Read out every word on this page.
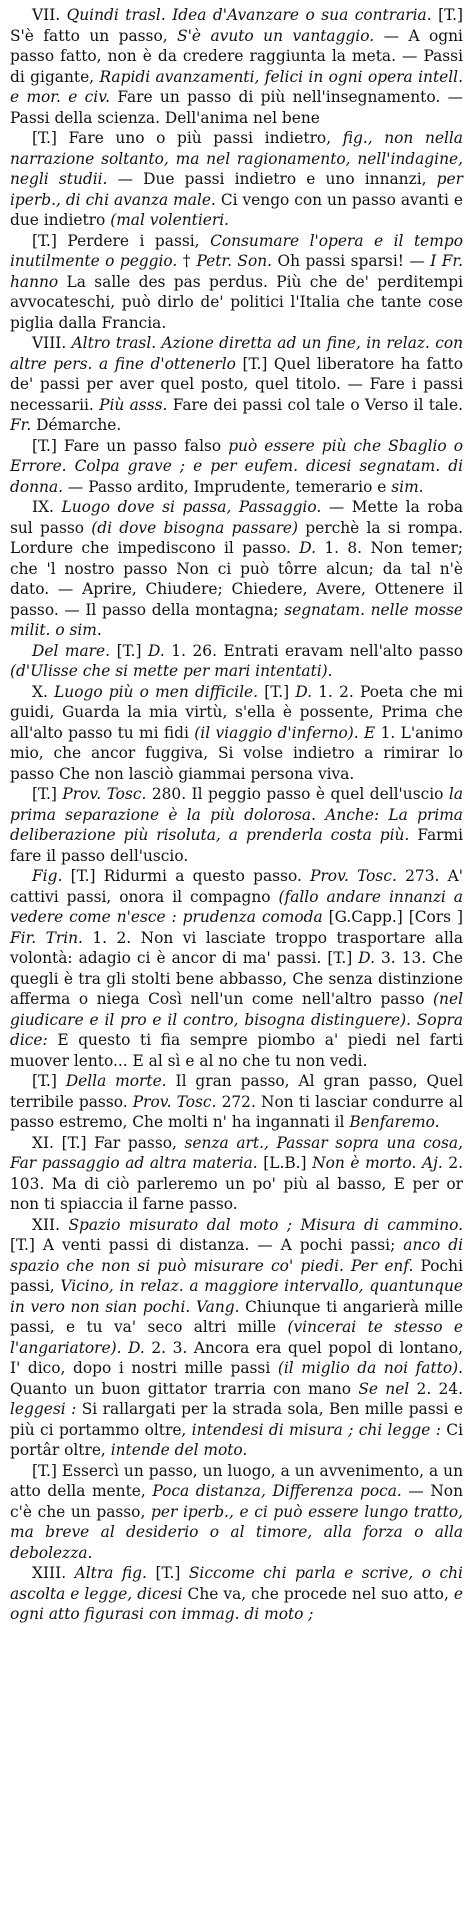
VII. Quindi trasl. Idea d'Avanzare o sua contraria. [T.] S'è fatto un passo, S'è avuto un vantaggio. — A ogni passo fatto, non è da credere raggiunta la meta. — Passi di gigante, Rapidi avanzamenti, felici in ogni opera intell. e mor. e civ. Fare un passo di più nell'insegnamento. — Passi della scienza. Dell'anima nel bene

[T.] Fare uno o più passi indietro, fig., non nella narrazione soltanto, ma nel ragionamento, nell'indagine, negli studii. — Due passi indietro e uno innanzi, per iperb., di chi avanza male. Ci vengo con un passo avanti e due indietro (mal volentieri.

[T.] Perdere i passi, Consumare l'opera e il tempo inutilmente o peggio. † Petr. Son. Oh passi sparsi! — I Fr. hanno La salle des pas perdus. Più che de' perditempi avvocateschi, può dirlo de' politici l'Italia che tante cose piglia dalla Francia.

VIII. Altro trasl. Azione diretta ad un fine, in relaz. con altre pers. a fine d'ottenerlo [T.] Quel liberatore ha fatto de' passi per aver quel posto, quel titolo. — Fare i passi necessarii. Più asss. Fare dei passi col tale o Verso il tale. Fr. Démarche.

[T.] Fare un passo falso può essere più che Sbaglio o Errore. Colpa grave ; e per eufem. dicesi segnatam. di donna. — Passo ardito, Imprudente, temerario e sim.

IX. Luogo dove si passa, Passaggio. — Mette la roba sul passo (di dove bisogna passare) perchè la si rompa. Lordure che impediscono il passo. D. 1. 8. Non temer; che 'l nostro passo Non ci può tôrre alcun; da tal n'è dato. — Aprire, Chiudere; Chiedere, Avere, Ottenere il passo. — Il passo della montagna; segnatam. nelle mosse milit. o sim.

Del mare. [T.] D. 1. 26. Entrati eravam nell'alto passo (d'Ulisse che si mette per mari intentati).

X. Luogo più o men difficile. [T.] D. 1. 2. Poeta che mi guidi, Guarda la mia virtù, s'ella è possente, Prima che all'alto passo tu mi fidi (il viaggio d'inferno). E 1. L'animo mio, che ancor fuggiva, Si volse indietro a rimirar lo passo Che non lasciò giammai persona viva.

[T.] Prov. Tosc. 280. Il peggio passo è quel dell'uscio la prima separazione è la più dolorosa. Anche: La prima deliberazione più risoluta, a prenderla costa più. Farmi fare il passo dell'uscio.

Fig. [T.] Ridurmi a questo passo. Prov. Tosc. 273. A' cattivi passi, onora il compagno (fallo andare innanzi a vedere come n'esce : prudenza comoda [G.Capp.] [Cors ] Fir. Trin. 1. 2. Non vi lasciate troppo trasportare alla volontà: adagio ci è ancor di ma' passi. [T.] D. 3. 13. Che quegli è tra gli stolti bene abbasso, Che senza distinzione afferma o niega Così nell'un come nell'altro passo (nel giudicare e il pro e il contro, bisogna distinguere). Sopra dice: E questo ti fia sempre piombo a' piedi nel farti muover lento... E al sì e al no che tu non vedi.

[T.] Della morte. Il gran passo, Al gran passo, Quel terribile passo. Prov. Tosc. 272. Non ti lasciar condurre al passo estremo, Che molti n' ha ingannati il Benfaremo.

XI. [T.] Far passo, senza art., Passar sopra una cosa, Far passaggio ad altra materia. [L.B.] Non è morto. Aj. 2. 103. Ma di ciò parleremo un po' più al basso, E per or non ti spiaccia il farne passo.

XII. Spazio misurato dal moto ; Misura di cammino. [T.] A venti passi di distanza. — A pochi passi; anco di spazio che non si può misurare co' piedi. Per enf. Pochi passi, Vicino, in relaz. a maggiore intervallo, quantunque in vero non sian pochi. Vang. Chiunque ti angarierà mille passi, e tu va' seco altri mille (vincerai te stesso e l'angariatore). D. 2. 3. Ancora era quel popol di lontano, I' dico, dopo i nostri mille passi (il miglio da noi fatto). Quanto un buon gittator trarria con mano Se nel 2. 24. leggesi : Si rallargati per la strada sola, Ben mille passi e più ci portammo oltre, intendesi di misura ; chi legge : Ci portâr oltre, intende del moto.

[T.] Essercì un passo, un luogo, a un avvenimento, a un atto della mente, Poca distanza, Differenza poca. — Non c'è che un passo, per iperb., e ci può essere lungo tratto, ma breve al desiderio o al timore, alla forza o alla debolezza.

XIII. Altra fig. [T.] Siccome chi parla e scrive, o chi ascolta e legge, dicesi Che va, che procede nel suo atto, e ogni atto figurasi con immag. di moto ;
